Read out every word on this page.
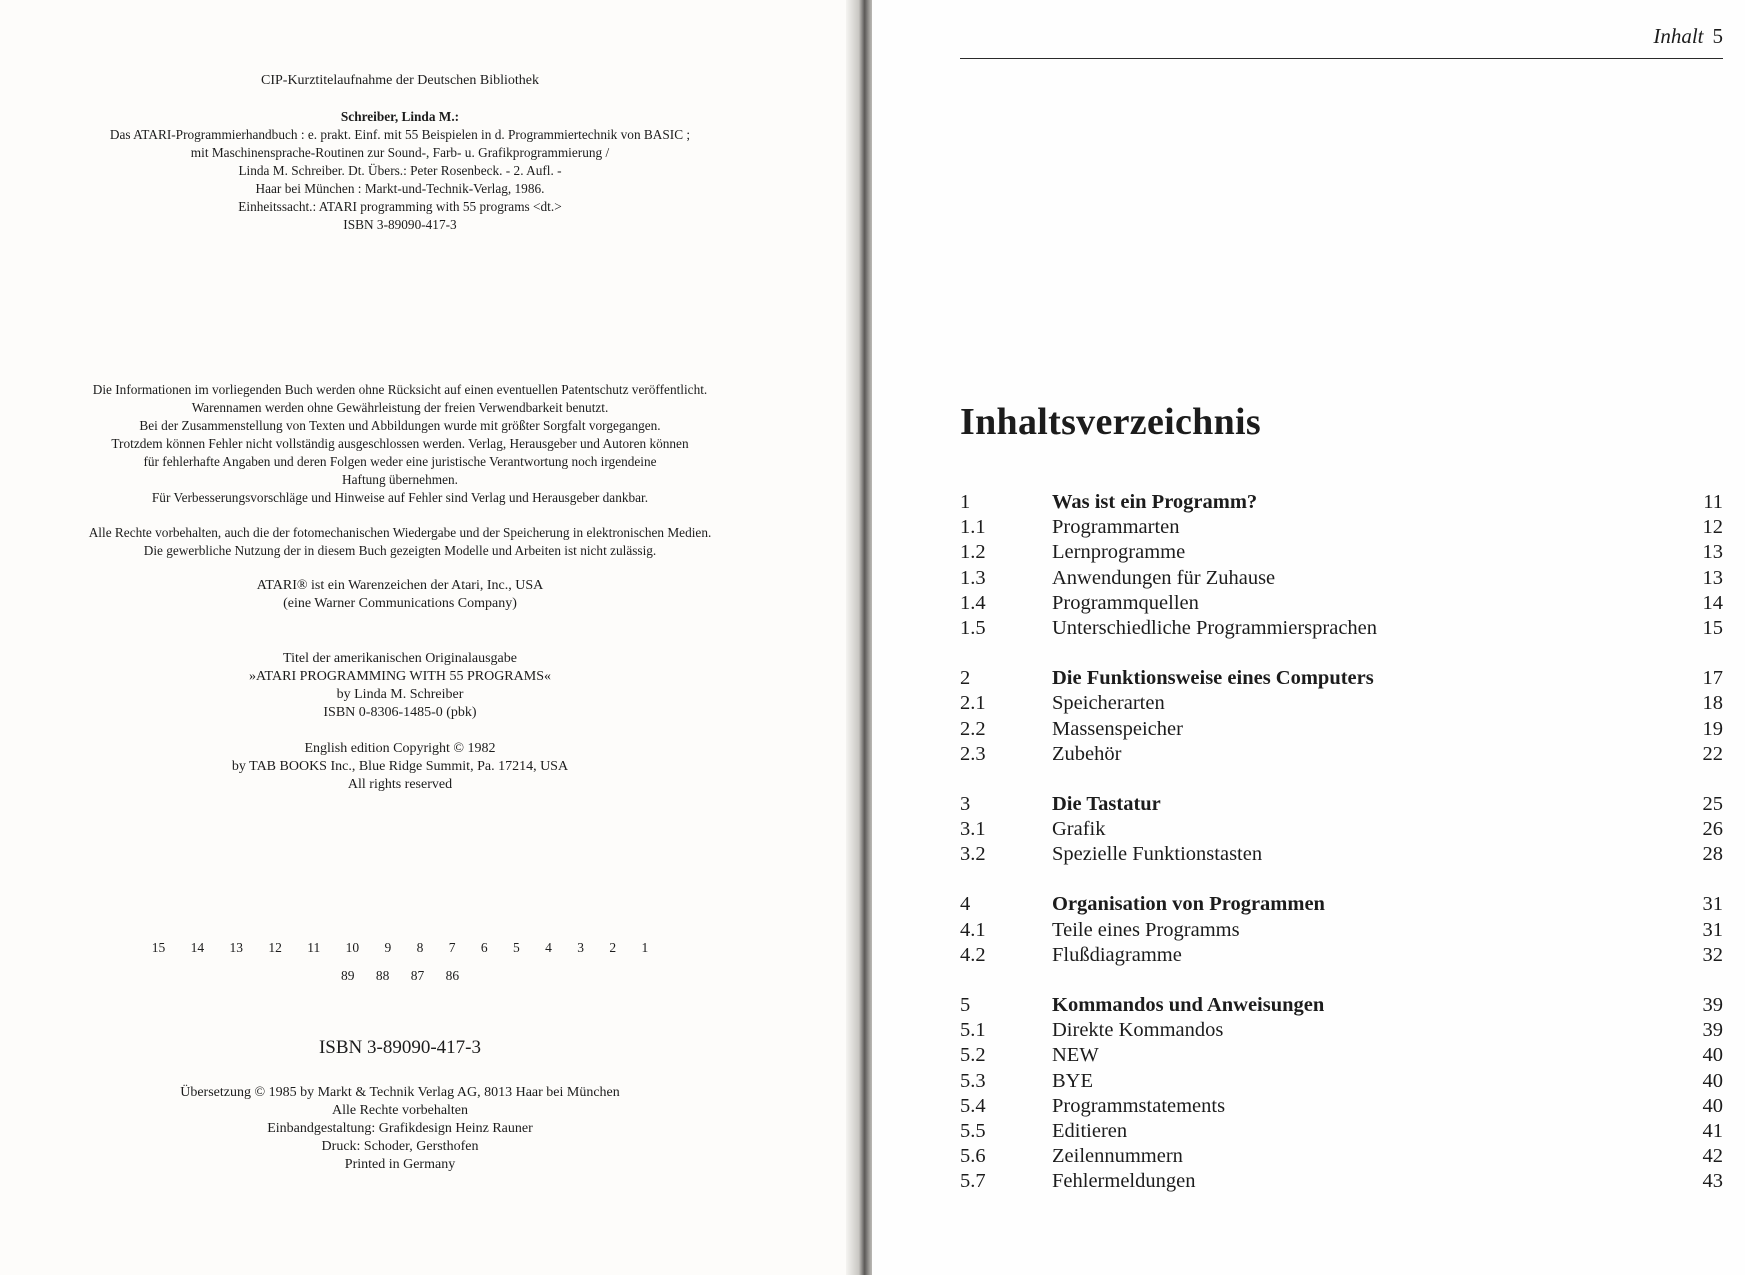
CIP-Kurztitelaufnahme der Deutschen Bibliothek
Schreiber, Linda M.:
Das ATARI-Programmierhandbuch : e. prakt. Einf. mit 55 Beispielen in d. Programmiertechnik von BASIC ;
mit Maschinensprache-Routinen zur Sound-, Farb- u. Grafikprogrammierung /
Linda M. Schreiber. Dt. Übers.: Peter Rosenbeck. - 2. Aufl. -
Haar bei München : Markt-und-Technik-Verlag, 1986.
Einheitssacht.: ATARI programming with 55 programs <dt.>
ISBN 3-89090-417-3
Die Informationen im vorliegenden Buch werden ohne Rücksicht auf einen eventuellen Patentschutz veröffentlicht.
Warennamen werden ohne Gewährleistung der freien Verwendbarkeit benutzt.
Bei der Zusammenstellung von Texten und Abbildungen wurde mit größter Sorgfalt vorgegangen.
Trotzdem können Fehler nicht vollständig ausgeschlossen werden. Verlag, Herausgeber und Autoren können
für fehlerhafte Angaben und deren Folgen weder eine juristische Verantwortung noch irgendeine
Haftung übernehmen.
Für Verbesserungsvorschläge und Hinweise auf Fehler sind Verlag und Herausgeber dankbar.
Alle Rechte vorbehalten, auch die der fotomechanischen Wiedergabe und der Speicherung in elektronischen Medien.
Die gewerbliche Nutzung der in diesem Buch gezeigten Modelle und Arbeiten ist nicht zulässig.
ATARI® ist ein Warenzeichen der Atari, Inc., USA
(eine Warner Communications Company)
Titel der amerikanischen Originalausgabe
»ATARI PROGRAMMING WITH 55 PROGRAMS«
by Linda M. Schreiber
ISBN 0-8306-1485-0 (pbk)
English edition Copyright © 1982
by TAB BOOKS Inc., Blue Ridge Summit, Pa. 17214, USA
All rights reserved
15 14 13 12 11 10 9 8 7 6 5 4 3 2 1
89 88 87 86
ISBN 3-89090-417-3
Übersetzung © 1985 by Markt & Technik Verlag AG, 8013 Haar bei München
Alle Rechte vorbehalten
Einbandgestaltung: Grafikdesign Heinz Rauner
Druck: Schoder, Gersthofen
Printed in Germany
Inhalt 5
Inhaltsverzeichnis
1	Was ist ein Programm?	11
1.1	Programmarten	12
1.2	Lernprogramme	13
1.3	Anwendungen für Zuhause	13
1.4	Programmquellen	14
1.5	Unterschiedliche Programmiersprachen	15
2	Die Funktionsweise eines Computers	17
2.1	Speicherarten	18
2.2	Massenspeicher	19
2.3	Zubehör	22
3	Die Tastatur	25
3.1	Grafik	26
3.2	Spezielle Funktionstasten	28
4	Organisation von Programmen	31
4.1	Teile eines Programms	31
4.2	Flußdiagramme	32
5	Kommandos und Anweisungen	39
5.1	Direkte Kommandos	39
5.2	NEW	40
5.3	BYE	40
5.4	Programmstatements	40
5.5	Editieren	41
5.6	Zeilennummern	42
5.7	Fehlermeldungen	43
